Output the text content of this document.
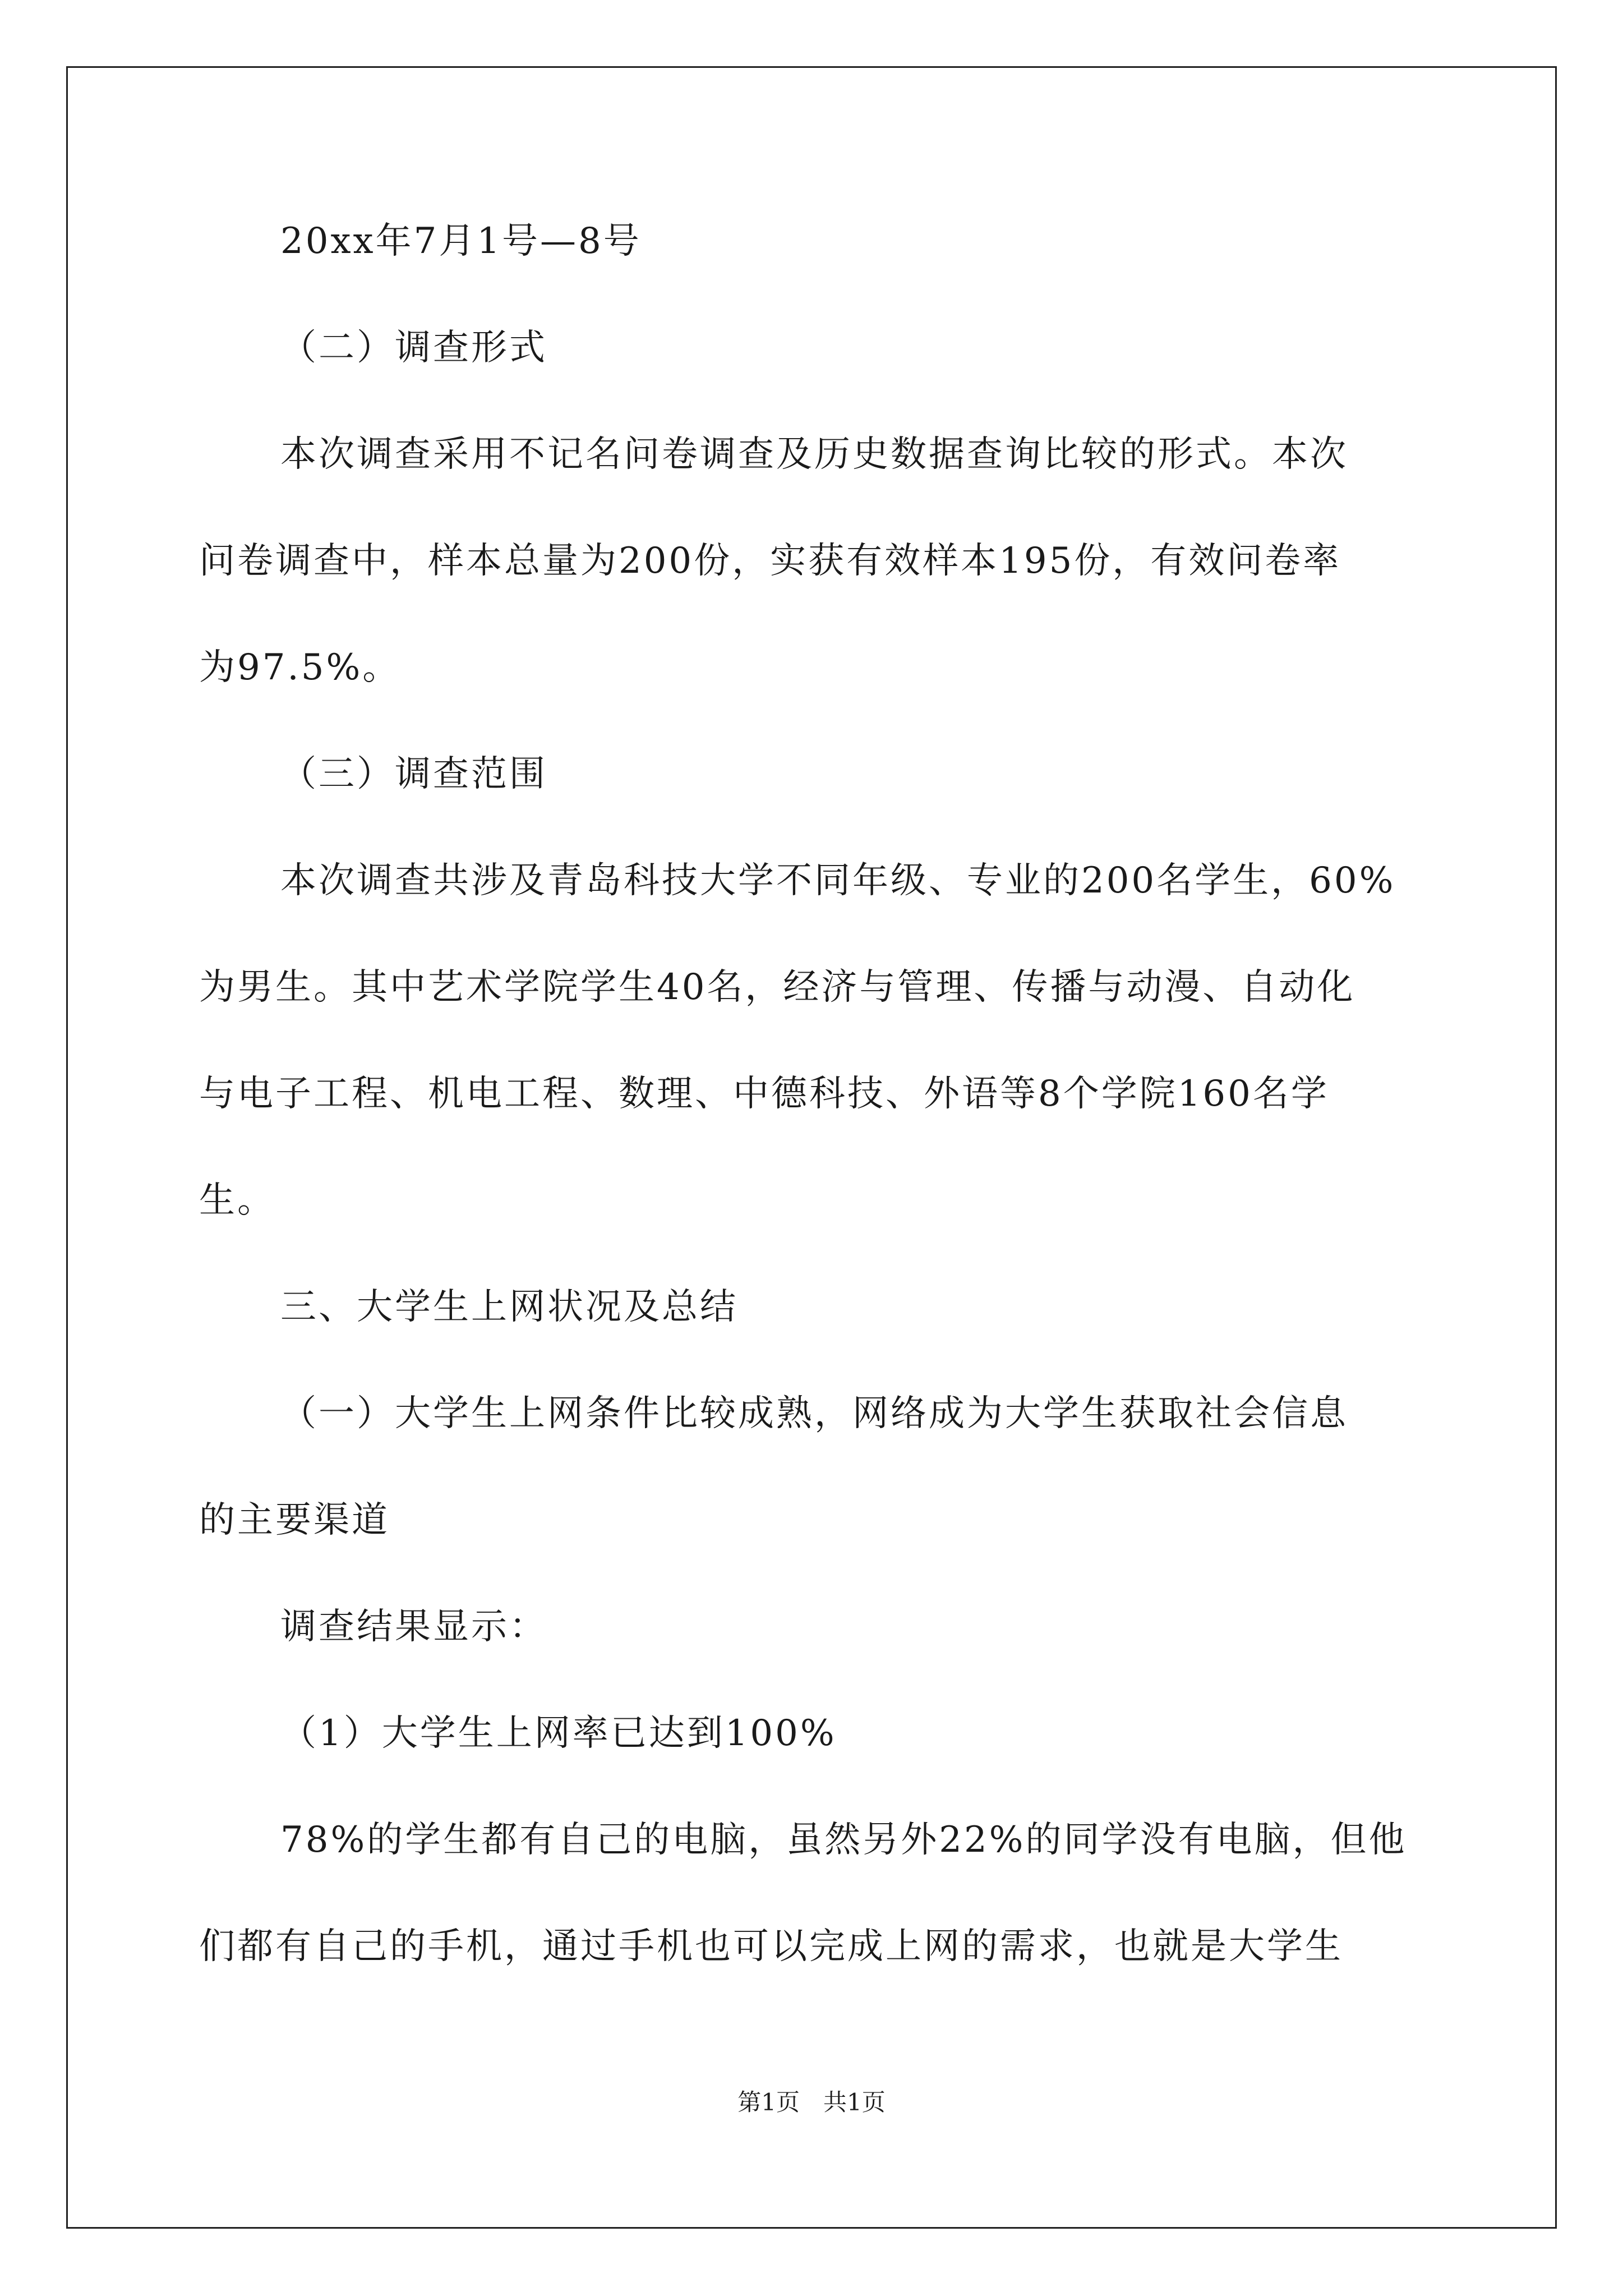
20xx年7月1号—8号
（二）调查形式
本次调查采用不记名问卷调查及历史数据查询比较的形式。本次
问卷调查中，样本总量为200份，实获有效样本195份，有效问卷率
为97.5%。
（三）调查范围
本次调查共涉及青岛科技大学不同年级、专业的200名学生，60%
为男生。其中艺术学院学生40名，经济与管理、传播与动漫、自动化
与电子工程、机电工程、数理、中德科技、外语等8个学院160名学
生。
三、大学生上网状况及总结
（一）大学生上网条件比较成熟，网络成为大学生获取社会信息
的主要渠道
调查结果显示：
（1）大学生上网率已达到100%
78%的学生都有自己的电脑，虽然另外22%的同学没有电脑，但他
们都有自己的手机，通过手机也可以完成上网的需求，也就是大学生
第1页　共1页
